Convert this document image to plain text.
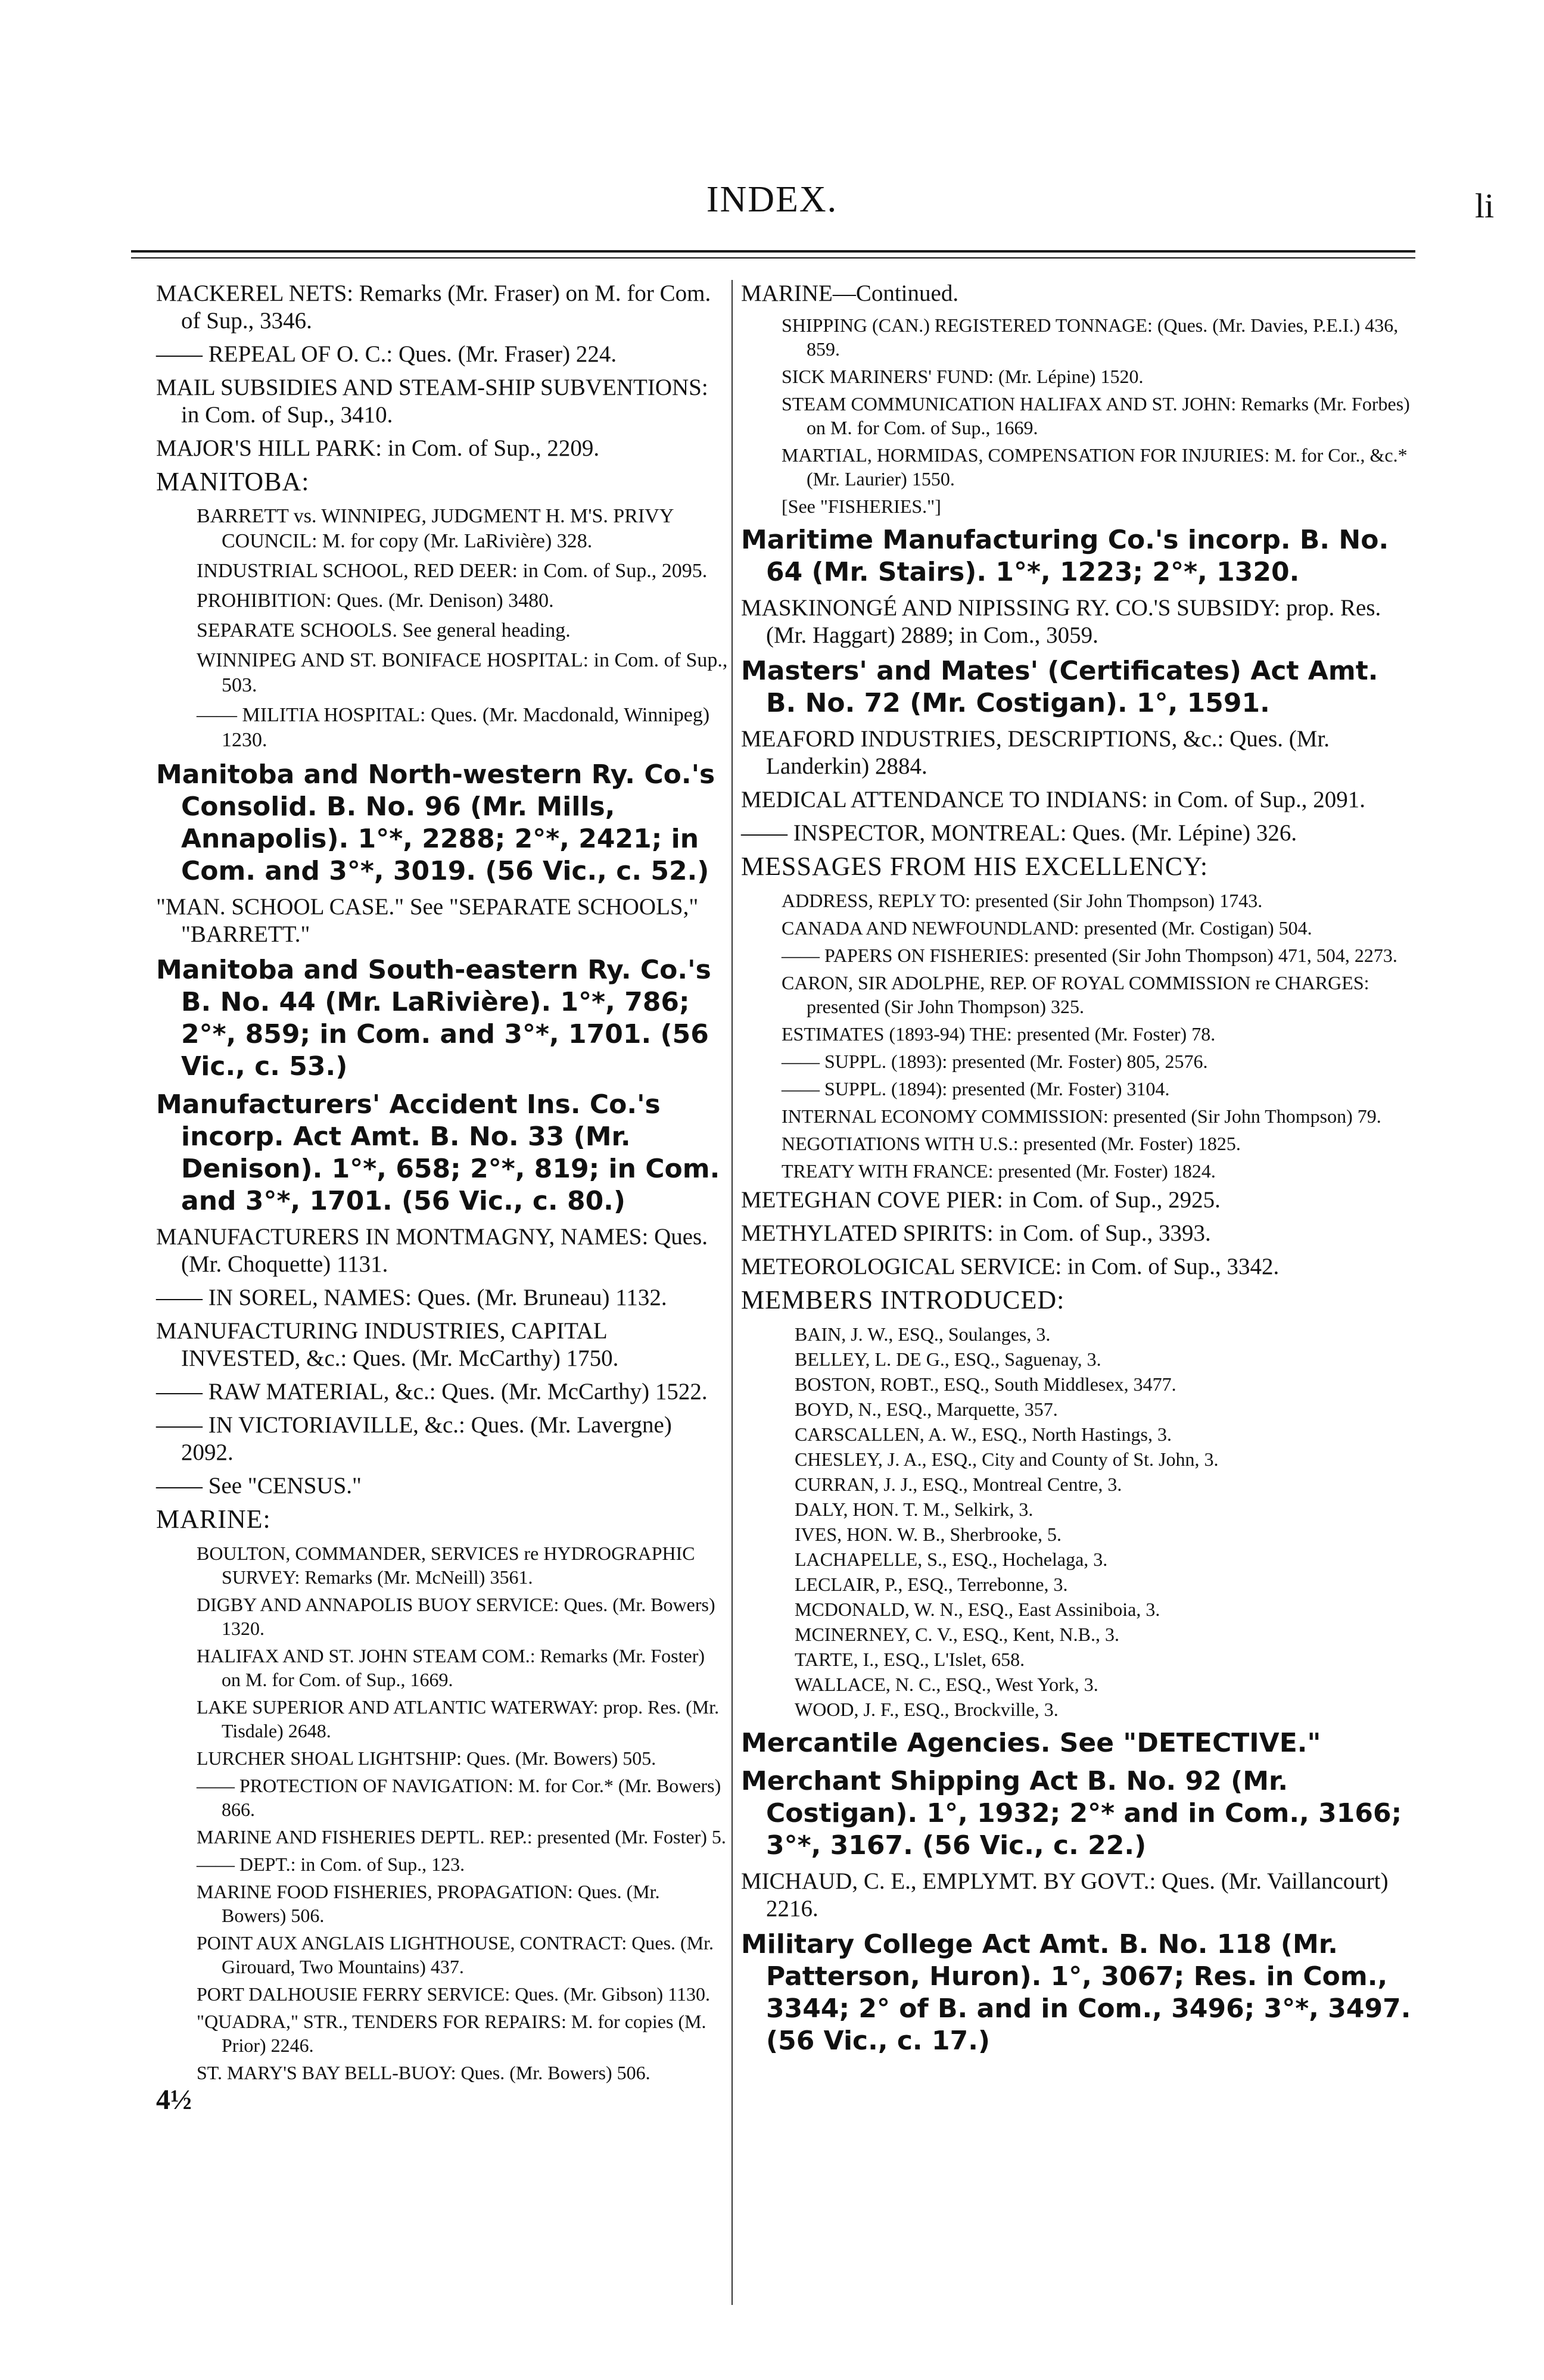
INDEX.	li
MACKEREL NETS: Remarks (Mr. Fraser) on M. for Com. of Sup., 3346.
—— REPEAL OF O. C.: Ques. (Mr. Fraser) 224.
MAIL SUBSIDIES AND STEAM-SHIP SUBVENTIONS: in Com. of Sup., 3410.
MAJOR'S HILL PARK: in Com. of Sup., 2209.
MANITOBA:
BARRETT vs. WINNIPEG, JUDGMENT H. M'S. PRIVY COUNCIL: M. for copy (Mr. LaRivière) 328.
INDUSTRIAL SCHOOL, RED DEER: in Com. of Sup., 2095.
PROHIBITION: Ques. (Mr. Denison) 3480.
SEPARATE SCHOOLS. See general heading.
WINNIPEG AND ST. BONIFACE HOSPITAL: in Com. of Sup., 503.
—— MILITIA HOSPITAL: Ques. (Mr. Macdonald, Winnipeg) 1230.
Manitoba and North-western Ry. Co.'s Consolid. B. No. 96 (Mr. Mills, Annapolis). 1°*, 2288; 2°*, 2421; in Com. and 3°*, 3019. (56 Vic., c. 52.)
"MAN. SCHOOL CASE." See "SEPARATE SCHOOLS," "BARRETT."
Manitoba and South-eastern Ry. Co.'s B. No. 44 (Mr. LaRivière). 1°*, 786; 2°*, 859; in Com. and 3°*, 1701. (56 Vic., c. 53.)
Manufacturers' Accident Ins. Co.'s incorp. Act Amt. B. No. 33 (Mr. Denison). 1°*, 658; 2°*, 819; in Com. and 3°*, 1701. (56 Vic., c. 80.)
MANUFACTURERS IN MONTMAGNY, NAMES: Ques. (Mr. Choquette) 1131.
—— IN SOREL, NAMES: Ques. (Mr. Bruneau) 1132.
MANUFACTURING INDUSTRIES, CAPITAL INVESTED, &c.: Ques. (Mr. McCarthy) 1750.
—— RAW MATERIAL, &c.: Ques. (Mr. McCarthy) 1522.
—— IN VICTORIAVILLE, &c.: Ques. (Mr. Lavergne) 2092.
—— See "CENSUS."
MARINE:
BOULTON, COMMANDER, SERVICES re HYDROGRAPHIC SURVEY: Remarks (Mr. McNeill) 3561.
DIGBY AND ANNAPOLIS BUOY SERVICE: Ques. (Mr. Bowers) 1320.
HALIFAX AND ST. JOHN STEAM COM.: Remarks (Mr. Foster) on M. for Com. of Sup., 1669.
LAKE SUPERIOR AND ATLANTIC WATERWAY: prop. Res. (Mr. Tisdale) 2648.
LURCHER SHOAL LIGHTSHIP: Ques. (Mr. Bowers) 505.
—— PROTECTION OF NAVIGATION: M. for Cor.* (Mr. Bowers) 866.
MARINE AND FISHERIES DEPTL. REP.: presented (Mr. Foster) 5.
—— DEPT.: in Com. of Sup., 123.
MARINE FOOD FISHERIES, PROPAGATION: Ques. (Mr. Bowers) 506.
POINT AUX ANGLAIS LIGHTHOUSE, CONTRACT: Ques. (Mr. Girouard, Two Mountains) 437.
PORT DALHOUSIE FERRY SERVICE: Ques. (Mr. Gibson) 1130.
"QUADRA," STR., TENDERS FOR REPAIRS: M. for copies (M. Prior) 2246.
ST. MARY'S BAY BELL-BUOY: Ques. (Mr. Bowers) 506.
MARINE—Continued.
SHIPPING (CAN.) REGISTERED TONNAGE: (Ques. (Mr. Davies, P.E.I.) 436, 859.
SICK MARINERS' FUND: (Mr. Lépine) 1520.
STEAM COMMUNICATION HALIFAX AND ST. JOHN: Remarks (Mr. Forbes) on M. for Com. of Sup., 1669.
MARTIAL, HORMIDAS, COMPENSATION FOR INJURIES: M. for Cor., &c.* (Mr. Laurier) 1550.
[See "FISHERIES."]
Maritime Manufacturing Co.'s incorp. B. No. 64 (Mr. Stairs). 1°*, 1223; 2°*, 1320.
MASKINONGÉ AND NIPISSING RY. CO.'S SUBSIDY: prop. Res. (Mr. Haggart) 2889; in Com., 3059.
Masters' and Mates' (Certificates) Act Amt. B. No. 72 (Mr. Costigan). 1°, 1591.
MEAFORD INDUSTRIES, DESCRIPTIONS, &c.: Ques. (Mr. Landerkin) 2884.
MEDICAL ATTENDANCE TO INDIANS: in Com. of Sup., 2091.
—— INSPECTOR, MONTREAL: Ques. (Mr. Lépine) 326.
MESSAGES FROM HIS EXCELLENCY:
ADDRESS, REPLY TO: presented (Sir John Thompson) 1743.
CANADA AND NEWFOUNDLAND: presented (Mr. Costigan) 504.
—— PAPERS ON FISHERIES: presented (Sir John Thompson) 471, 504, 2273.
CARON, SIR ADOLPHE, REP. OF ROYAL COMMISSION re CHARGES: presented (Sir John Thompson) 325.
ESTIMATES (1893-94) THE: presented (Mr. Foster) 78.
—— SUPPL. (1893): presented (Mr. Foster) 805, 2576.
—— SUPPL. (1894): presented (Mr. Foster) 3104.
INTERNAL ECONOMY COMMISSION: presented (Sir John Thompson) 79.
NEGOTIATIONS WITH U.S.: presented (Mr. Foster) 1825.
TREATY WITH FRANCE: presented (Mr. Foster) 1824.
METEGHAN COVE PIER: in Com. of Sup., 2925.
METHYLATED SPIRITS: in Com. of Sup., 3393.
METEOROLOGICAL SERVICE: in Com. of Sup., 3342.
MEMBERS INTRODUCED:
BAIN, J. W., ESQ., Soulanges, 3.
BELLEY, L. DE G., ESQ., Saguenay, 3.
BOSTON, ROBT., ESQ., South Middlesex, 3477.
BOYD, N., ESQ., Marquette, 357.
CARSCALLEN, A. W., ESQ., North Hastings, 3.
CHESLEY, J. A., ESQ., City and County of St. John, 3.
CURRAN, J. J., ESQ., Montreal Centre, 3.
DALY, HON. T. M., Selkirk, 3.
IVES, HON. W. B., Sherbrooke, 5.
LACHAPELLE, S., ESQ., Hochelaga, 3.
LECLAIR, P., ESQ., Terrebonne, 3.
MCDONALD, W. N., ESQ., East Assiniboia, 3.
MCINERNEY, C. V., ESQ., Kent, N.B., 3.
TARTE, I., ESQ., L'Islet, 658.
WALLACE, N. C., ESQ., West York, 3.
WOOD, J. F., ESQ., Brockville, 3.
Mercantile Agencies. See "DETECTIVE."
Merchant Shipping Act B. No. 92 (Mr. Costigan). 1°, 1932; 2°* and in Com., 3166; 3°*, 3167. (56 Vic., c. 22.)
MICHAUD, C. E., EMPLYMT. BY GOVT.: Ques. (Mr. Vaillancourt) 2216.
Military College Act Amt. B. No. 118 (Mr. Patterson, Huron). 1°, 3067; Res. in Com., 3344; 2° of B. and in Com., 3496; 3°*, 3497. (56 Vic., c. 17.)
4½
